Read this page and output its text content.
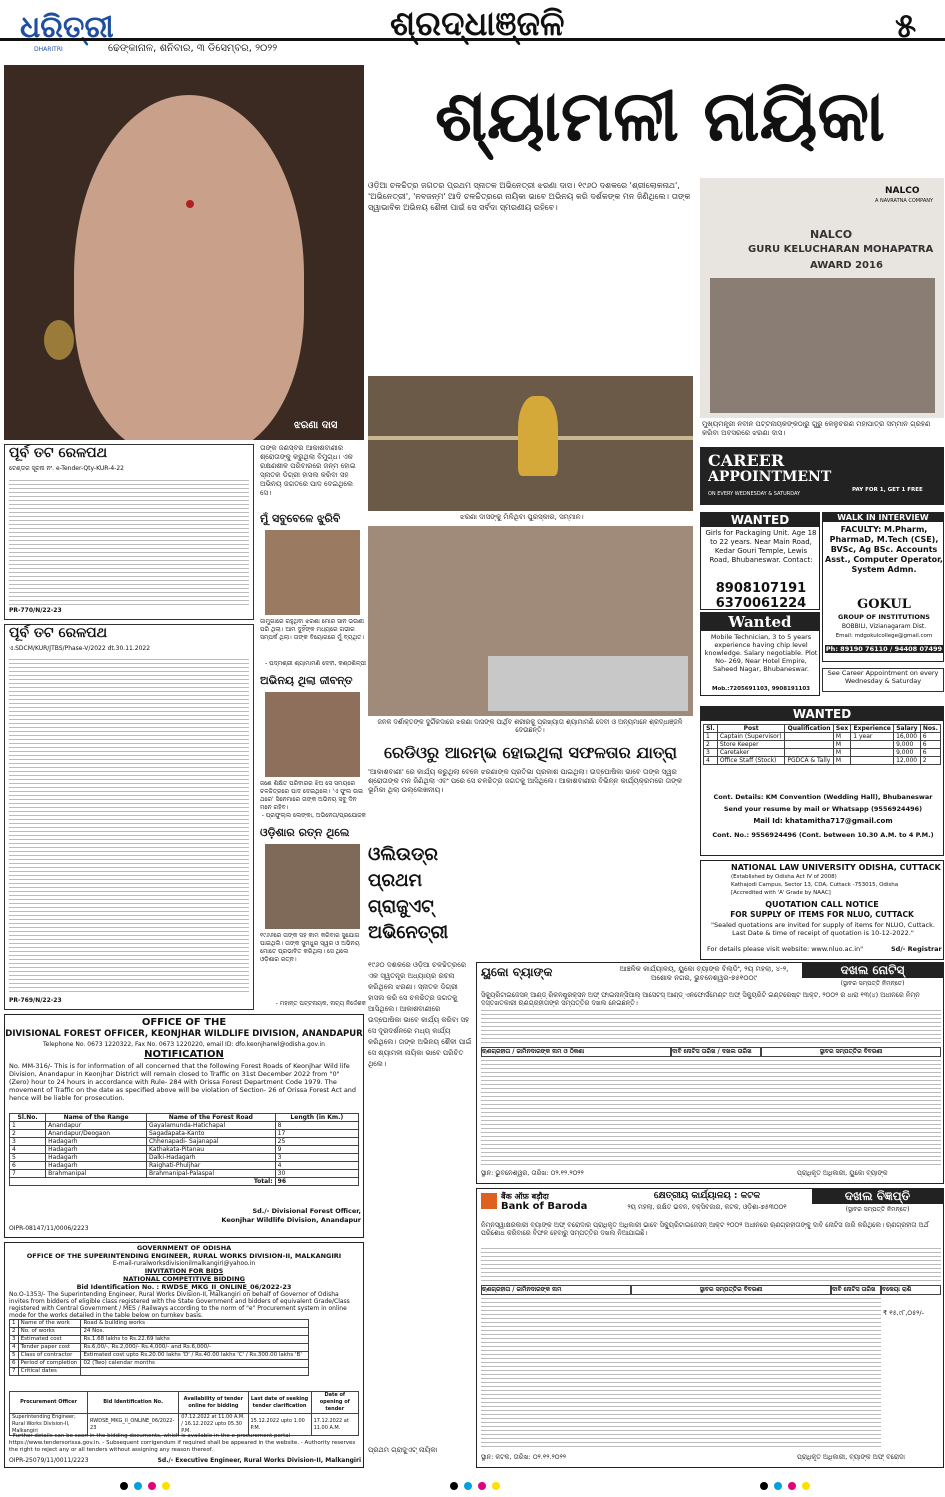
ଧରିତ୍ରୀ
DHARITRI
ଶ୍ରଦ୍ଧାଞ୍ଜଳି	୫
ଢେଙ୍କାନାଳ, ଶନିବାର, ୩ ଡିସେମ୍ବର, ୨୦୨୨
ଶ୍ୟାମଳୀ ନାୟିକା
ଝରଣା ଦାସ
ଓଡ଼ିଆ ଚଳଚ୍ଚିତ୍ର ଜଗତର ପ୍ରଥମ ସ୍ନାତକ ଅଭିନେତ୍ରୀ ଝରଣା ଦାସ। ୧୯୬୦ ଦଶକରେ 'ଶ୍ରୀଲୋକନାଥ', 'ଅଭିନେତ୍ରୀ', 'ନବଜନ୍ମ' ଆଦି ଚଳଚ୍ଚିତ୍ରରେ ନାୟିକା ଭାବେ ଅଭିନୟ କରି ଦର୍ଶକଙ୍କ ମନ ଜିଣିଥିଲେ। ତାଙ୍କ ସ୍ୱାଭାବିକ ଅଭିନୟ ଶୈଳୀ ପାଇଁ ସେ ସର୍ବଦା ସ୍ମରଣୀୟ ରହିବେ।
NALCO
A NAVRATNA COMPANY
NALCO
GURU KELUCHARAN MOHAPATRA
AWARD 2016
ମୁଖ୍ୟମନ୍ତ୍ରୀ ନବୀନ ପଟ୍ଟନାୟକଙ୍କଠାରୁ ଗୁରୁ କେଳୁଚରଣ ମହାପାତ୍ର ସମ୍ମାନ ଗ୍ରହଣ କରିବା ଅବସରରେ ଝରଣା ଦାସ।
ଝରଣା ଦାସଙ୍କୁ ମିଳିଥିବା ପୁରସ୍କାର, ସମ୍ମାନ।
ତାଙ୍କ ଜଣସ୍ବର ଆକାଶବାଣୀର ଶ୍ରୋତାଙ୍କୁ କରୁଥିଲା ବିମୁଗ୍ଧ। ଏକ ରକ୍ଷଣଶୀଳ ପରିବାରରେ ଜନ୍ମ ହୋଇ ସ୍ନାତକ ଡିଗ୍ରୀ ହାସଲ କରିବା ସହ ଅଭିନୟ ଜଗତରେ ପାଦ ଦେଇଥିଲେ ସେ।
ପୂର୍ବ ତଟ ରେଳପଥ
ଟେଣ୍ଡର ସୂଚନା ନଂ. e-Tender-Qty-KUR-4-22
PR-770/N/22-23
ପୂର୍ବ ତଟ ରେଳପଥ
ଏ.SDCM/KUR/JTBS/Phase-V/2022 dt.30.11.2022
PR-769/N/22-23
ମୁଁ ସବୁବେଳେ ଝୁରିବି
ଜାମୁଗାରେ ରହୁଥିବା ଝରଣା ମୋର ସାନ ଭଉଣୀ ପରି ଥିଲା। ଆମ ଦୁହିଁଙ୍କ ମଧ୍ୟରେ ଗଭୀର ସମ୍ପର୍କ ଥିଲା। ତାଙ୍କ ବିୟୋଗରେ ମୁଁ ବ୍ୟଥିତ।
- ପଦ୍ମଶ୍ରୀ ଶ୍ୟାମାମଣି ଦେବୀ, କଣ୍ଠଶିଳ୍ପୀ
ଅଭିନୟ ଥିଲା ଜୀବନ୍ତ
ଜଣେ ଶିକ୍ଷିତ ପରିବାରର ଝିଅ ସେ ସମୟରେ ଚଳଚ୍ଚିତ୍ରରେ ପାଦ ଦେଇଥିଲେ। 'ଏ ଫୁଲ ଉଇ ଥରେ' ସିନେମାରେ ତାଙ୍କ ଅଭିନୟ ସବୁ ଦିନ ମନେ ରହିବ।
- ପ୍ରଫୁଲ୍ଲ ଲେଙ୍କା, ଅଭିନେତା/ପ୍ରଯୋଜକ
ଓଡ଼ିଶାର ରତ୍ନ ଥିଲେ
୧୯୬୬ରେ ତାଙ୍କ ସହ କାମ କରିବାର ସୁଯୋଗ ପାଇଥିଲି। ତାଙ୍କ ସୁମଧୁର ସ୍ୱର ଓ ଅଭିନୟ ମୋତେ ପ୍ରଭାବିତ କରିଥିଲା। ସେ ଥିଲେ ଓଡ଼ିଶାର ରତ୍ନ।
- ମହାନ୍ତ ପଟ୍ଟନାୟକ, ନାଟ୍ୟ ନିର୍ଦ୍ଦେଶକ
ଜନକ ଦର୍ଶାକ୍ତଙ୍କ ଦୁର୍ଗିକଦାରେ ଝରଣା ଦାସଙ୍କ ପାର୍ଥିବ ଶରୀରକୁ ପ୍ରଖ୍ୟାତା ଶ୍ୟାମାମଣି ଦେବୀ ଓ ଅନ୍ୟମାନେ ଶ୍ରଦ୍ଧାଞ୍ଜଳି ଦେଉଛନ୍ତି।
ରେଡିଓରୁ ଆରମ୍ଭ ହୋଇଥିଲା ସଫଳତାର ଯାତ୍ରା
'ଆକାଶବାଣୀ' ରେ କାର୍ଯ୍ୟ କରୁଥିଲା ବେଳେ ଝରଣାଙ୍କ ପ୍ରତିଭା ପ୍ରକାଶ ପାଇଥିଲା। ଉଦ୍‌ଘୋଷିକା ଭାବେ ତାଙ୍କ ସ୍ୱର ଶ୍ରୋତାଙ୍କ ମନ ଜିଣିଥିଲା ଏବଂ ପରେ ସେ ଚଳଚ୍ଚିତ୍ର ଜଗତକୁ ଆସିଥିଲେ। ଆକାଶବାଣୀର ବିଭିନ୍ନ କାର୍ଯ୍ୟକ୍ରମରେ ତାଙ୍କ ଭୂମିକା ଥିଲା ଉଲ୍ଲେଖନୀୟ।
ଓଲିଉଡ୍‌ର ପ୍ରଥମ ଗ୍ରାଜୁଏଟ୍ ଅଭିନେତ୍ରୀ
୧୯୬୦ ଦଶକରେ ଓଡ଼ିଆ ଚଳଚ୍ଚିତ୍ରରେ ଏକ ସ୍ୱତନ୍ତ୍ର ଅଧ୍ୟାୟର ରଚନା କରିଥିଲେ ଝରଣା। ସ୍ନାତକ ଡିଗ୍ରୀ ହାସଲ କରି ସେ ଚଳଚ୍ଚିତ୍ର ଜଗତକୁ ଆସିଥିଲେ। ଆକାଶବାଣୀରେ ଉଦ୍‌ଘୋଷିକା ଭାବେ କାର୍ଯ୍ୟ କରିବା ସହ ସେ ଦୂରଦର୍ଶନରେ ମଧ୍ୟ କାର୍ଯ୍ୟ କରିଥିଲେ। ତାଙ୍କ ଅଭିନୟ ଶୈଳୀ ପାଇଁ ସେ ଶ୍ୟାମଳୀ ନାୟିକା ଭାବେ ପରିଚିତ ଥିଲେ।
ପ୍ରଥମ ଗ୍ରାଜୁଏଟ୍ ନାୟିକା
CAREER
APPOINTMENT
ON EVERY WEDNESDAY & SATURDAY
PAY FOR 1, GET 1 FREE
WANTED
Girls for Packaging Unit. Age 18 to 22 years. Near Main Road, Kedar Gouri Temple, Lewis Road, Bhubaneswar. Contact:
8908107191
6370061224
WALK IN INTERVIEW
FACULTY: M.Pharm, PharmaD, M.Tech (CSE), BVSc, Ag BSc. Accounts Asst., Computer Operator, System Admn.
GOKUL
GROUP OF INSTITUTIONS
BOBBILI, Vizianagaram Dist.
Email: mdgokulcollege@gmail.com
Ph: 89190 76110 / 94408 07499
Wanted
Mobile Technician, 3 to 5 years experience having chip level knowledge. Salary negotiable. Plot No- 269, Near Hotel Empire, Saheed Nagar, Bhubaneswar.
Mob.:7205691103, 9908191103
See Career Appointment on every Wednesday & Saturday
WANTED
Sl.	Post	Qualification	Sex	Experience	Salary	Nos.
1	Captain (Supervisor)		M	1 year	16,000	6
2	Store Keeper		M		9,000	6
3	Caretaker		M		9,000	6
4	Office Staff (Stock)	PGDCA & Tally	M		12,000	2
Cont. Details: KM Convention (Wedding Hall), Bhubaneswar
Send your resume by mail or Whatsapp (9556924496)
Mail Id: khatamitha717@gmail.com
Cont. No.: 9556924496 (Cont. between 10.30 A.M. to 4 P.M.)
NATIONAL LAW UNIVERSITY ODISHA, CUTTACK
(Established by Odisha Act IV of 2008)
Kathajodi Campus, Sector 13, CDA, Cuttack -753015, Odisha
[Accredited with 'A' Grade by NAAC]
QUOTATION CALL NOTICE
FOR SUPPLY OF ITEMS FOR NLUO, CUTTACK
"Sealed quotations are invited for supply of items for NLUO, Cuttack. Last Date & time of receipt of quotation is 10-12-2022."
For details please visit website: www.nluo.ac.in"	Sd/- Registrar
ୟୁକୋ ବ୍ୟାଙ୍କ	ଆଞ୍ଚଳିକ କାର୍ଯ୍ୟାଳୟ, ୟୁକୋ ବ୍ୟାଙ୍କ ବିଲ୍ଡିଂ, ୨ୟ ମହଲା, ୪-୨, ଅଶୋକ ନଗର, ଭୁବନେଶ୍ୱର-୭୫୧୦୦୯
ଦଖଲ ନୋଟିସ୍
(ସ୍ଥାବର ସମ୍ପତ୍ତି ନିମନ୍ତେ)
ସିକ୍ୟୁରିଟାଇଜେସନ୍ ଆଣ୍ଡ୍ ରିକନଷ୍ଟ୍ରକ୍ସନ ଅଫ୍ ଫାଇନାନ୍ସିଆଲ୍ ଆସେଟସ୍ ଆଣ୍ଡ୍ ଏନଫୋର୍ସମେଣ୍ଟ ଅଫ୍ ସିକ୍ୟୁରିଟି ଇଣ୍ଟରେଷ୍ଟ ଆକ୍ଟ, ୨୦୦୨ ର ଧାରା ୧୩(୪) ଅଧୀନରେ ନିମ୍ନ ଦସ୍ତଖତକାରୀ ଋଣଗ୍ରହୀତାଙ୍କ ସମ୍ପତ୍ତିର ଦଖଲ ନେଇଛନ୍ତି।
ଋଣଗ୍ରହୀତା / ଜାମିନଦାରଙ୍କ ନାମ ଓ ଠିକଣା	ଦାବି ନୋଟିସ ତାରିଖ / ଦଖଲ ତାରିଖ	ସ୍ଥାବର ସମ୍ପତ୍ତିର ବିବରଣୀ
ସ୍ଥାନ: ଭୁବନେଶ୍ୱର, ତାରିଖ: ୦୨.୧୨.୨୦୨୨	ପ୍ରାଧିକୃତ ଅଧିକାରୀ, ୟୁକୋ ବ୍ୟାଙ୍କ
बैंक ऑफ़ बड़ौदा
Bank of Baroda
କ୍ଷେତ୍ରୀୟ କାର୍ଯ୍ୟାଳୟ : କଟକ
୨ୟ ମହଲା, ରକ୍ଷିତ ଭବନ, ବକ୍ସିବଜାର, କଟକ, ଓଡ଼ିଶା-୭୫୩୦୦୧
ଦଖଲ ବିଜ୍ଞପ୍ତି
(ସ୍ଥାବର ସମ୍ପତ୍ତି ନିମନ୍ତେ)
ନିମ୍ନସ୍ୱାକ୍ଷରକାରୀ ବ୍ୟାଙ୍କ ଅଫ୍ ବରୋଦାର ପ୍ରାଧିକୃତ ଅଧିକାରୀ ଭାବେ ସିକ୍ୟୁରିଟାଇଜେସନ୍ ଆକ୍ଟ ୨୦୦୨ ଅଧୀନରେ ଋଣଗ୍ରହୀତାଙ୍କୁ ଦାବି ନୋଟିସ ଜାରି କରିଥିଲେ। ଋଣଗ୍ରହୀତା ଅର୍ଥ ପରିଶୋଧ କରିବାରେ ବିଫଳ ହେବାରୁ ସମ୍ପତ୍ତିର ଦଖଲ ନିଆଯାଇଛି।
ଋଣଗ୍ରହୀତା / ଜାମିନଦାରଙ୍କ ନାମ	ସ୍ଥାବର ସମ୍ପତ୍ତିର ବିବରଣୀ	ଦାବି ନୋଟିସ ତାରିଖ	ବକେୟା ରାଶି
₹ ୧୫,୯୮,୦୫୨/-
ସ୍ଥାନ: କଟକ, ତାରିଖ: ୦୨.୧୨.୨୦୨୨	ପ୍ରାଧିକୃତ ଅଧିକାରୀ, ବ୍ୟାଙ୍କ ଅଫ୍ ବରୋଦା
OFFICE OF THE
DIVISIONAL FOREST OFFICER, KEONJHAR WILDLIFE DIVISION, ANANDAPUR
Telephone No. 0673 1220322, Fax No. 0673 1220220, email ID: dfo.keonjharwl@odisha.gov.in
NOTIFICATION
No. MM-316/- This is for information of all concerned that the following Forest Roads of Keonjhar Wild life Division, Anandapur in Keonjhar District will remain closed to Traffic on 31st December 2022 from "0" (Zero) hour to 24 hours in accordance with Rule- 284 with Orissa Forest Department Code 1979. The movement of Traffic on the date as specified above will be violation of Section- 26 of Orissa Forest Act and hence will be liable for prosecution.
Sl.No.	Name of the Range	Name of the Forest Road	Length (in Km.)
1	Anandapur	Gayalamunda-Hatichapal	8
2	Anandapur/Deogaon	Sagadapata-Kanto	17
3	Hadagarh	Chhenapadi- Sajanapal	25
4	Hadagarh	Kathakata-Pitanau	9
5	Hadagarh	Dalki-Hadagarh	3
6	Hadagarh	Raighati-Phuljhar	4
7	Brahmanipal	Brahmanipal-Palaspal	30
Total:			96
Sd./- Divisional Forest Officer,
Keonjhar Wildlife Division, Anandapur
OIPR-08147/11/0006/2223
GOVERNMENT OF ODISHA
OFFICE OF THE SUPERINTENDING ENGINEER, RURAL WORKS DIVISION-II, MALKANGIRI
E-mail-ruralworksdivisionilmalkangiri@yahoo.in
INVITATION FOR BIDS
NATIONAL COMPETITIVE BIDDING
Bid Identification No. : RWDSE_MKG_II_ONLINE_06/2022-23
No.O-1353/- The Superintending Engineer, Rural Works Division-II, Malkangiri on behalf of Governor of Odisha invites from bidders of eligible class registered with the State Government and bidders of equivalent Grade/Class registered with Central Government / MES / Railways according to the norm of "e" Procurement system in online mode for the works detailed in the table below on turnkey basis.
1	Name of the work	Road & building works
2	No. of works	24 Nos.
3	Estimated cost	Rs.1.68 lakhs to Rs.22.69 lakhs
4	Tender paper cost	Rs.6,00/-, Rs.2,000/- Rs.4,000/- and Rs.6,000/-
5	Class of contractor	Estimated cost upto Rs.20.00 lakhs 'D' / Rs.40.00 lakhs 'C' / Rs.300.00 lakhs 'B'
6	Period of completion	02 (Two) calendar months
7	Critical dates	
Procurement Officer	Bid Identification No.	Availability of tender online for bidding	Last date of seeking tender clarification	Date of opening of tender
Superintending Engineer, Rural Works Division-II, Malkangiri	RWDSE_MKG_II_ONLINE_06/2022-23	07.12.2022 at 11.00 A.M. / 16.12.2022 upto 05.30 P.M.	15.12.2022 upto 1.00 P.M.	17.12.2022 at 11.00 A.M.
- Further details can be seen in the bidding documents, which is available in the e-procurement portal https://www.tendersorissa.gov.in. - Subsequent corrigendum if required shall be appeared in the website. - Authority reserves the right to reject any or all tenders without assigning any reason thereof.
OIPR-25079/11/0011/2223	Sd./- Executive Engineer, Rural Works Division-II, Malkangiri
